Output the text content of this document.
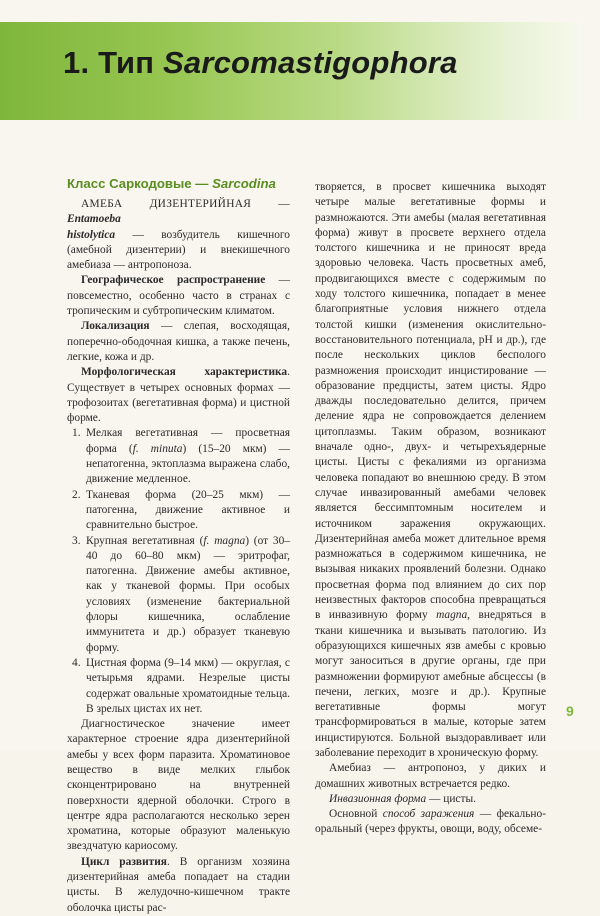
1. Тип Sarcomastigophora
Класс Саркодовые — Sarcodina

АМЕБА ДИЗЕНТЕРИЙНАЯ — Entamoeba
histolytica — возбудитель кишечного (амебной дизентерии) и внекишечного амебиаза — антропоноза.

Географическое распространение — повсеместно, особенно часто в странах с тропическим и субтропическим климатом.

Локализация — слепая, восходящая, поперечно-ободочная кишка, а также печень, легкие, кожа и др.

Морфологическая характеристика. Существует в четырех основных формах — трофозоитах (вегетативная форма) и цистной форме.

1. Мелкая вегетативная — просветная форма (f. minuta) (15–20 мкм) — непатогенна, эктоплазма выражена слабо, движение медленное.
2. Тканевая форма (20–25 мкм) — патогенна, движение активное и сравнительно быстрое.
3. Крупная вегетативная (f. magna) (от 30–40 до 60–80 мкм) — эритрофаг, патогенна. Движение амебы активное, как у тканевой формы. При особых условиях (изменение бактериальной флоры кишечника, ослабление иммунитета и др.) образует тканевую форму.
4. Цистная форма (9–14 мкм) — округлая, с четырьмя ядрами. Незрелые цисты содержат овальные хроматоидные тельца. В зрелых цистах их нет.

Диагностическое значение имеет характерное строение ядра дизентерийной амебы у всех форм паразита. Хроматиновое вещество в виде мелких глыбок сконцентрировано на внутренней поверхности ядерной оболочки. Строго в центре ядра располагаются несколько зерен хроматина, которые образуют маленькую звездчатую кариосому.

Цикл развития. В организм хозяина дизентерийная амеба попадает на стадии цисты. В желудочно-кишечном тракте оболочка цисты рас-

творяется, в просвет кишечника выходят четыре малые вегетативные формы и размножаются. Эти амебы (малая вегетативная форма) живут в просвете верхнего отдела толстого кишечника и не приносят вреда здоровью человека. Часть просветных амеб, продвигающихся вместе с содержимым по ходу толстого кишечника, попадает в менее благоприятные условия нижнего отдела толстой кишки (изменения окислительно-восстановительного потенциала, pH и др.), где после нескольких циклов бесполого размножения происходит инцистирование — образование предцисты, затем цисты. Ядро дважды последовательно делится, причем деление ядра не сопровождается делением цитоплазмы. Таким образом, возникают вначале одно-, двух- и четырехъядерные цисты. Цисты с фекалиями из организма человека попадают во внешнюю среду. В этом случае инвазированный амебами человек является бессимптомным носителем и источником заражения окружающих. Дизентерийная амеба может длительное время размножаться в содержимом кишечника, не вызывая никаких проявлений болезни. Однако просветная форма под влиянием до сих пор неизвестных факторов способна превращаться в инвазивную форму magna, внедряться в ткани кишечника и вызывать патологию. Из образующихся кишечных язв амебы с кровью могут заноситься в другие органы, где при размножении формируют амебные абсцессы (в печени, легких, мозге и др.). Крупные вегетативные формы могут трансформироваться в малые, которые затем инцистируются. Больной выздоравливает или заболевание переходит в хроническую форму.

Амебиаз — антропоноз, у диких и домашних животных встречается редко.

Инвазионная форма — цисты.

Основной способ заражения — фекально-оральный (через фрукты, овощи, воду, обсеме-

9
